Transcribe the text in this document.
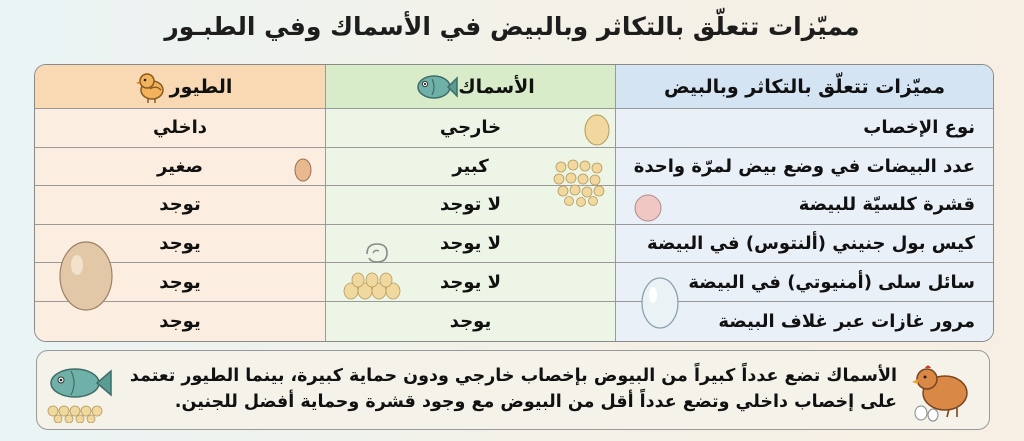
مميّزات تتعلّق بالتكاثر وبالبيض في الأسماك وفي الطبـور
مميّزات تتعلّق بالتكاثر وبالبيض
الأسماك
الطيور
نوع الإخصاب
خارجي
داخلي
عدد البيضات في وضع بيض لمرّة واحدة
كبير
صغير
قشرة كلسيّة للبيضة
لا توجد
توجد
كيس بول جنيني (ألنتوس) في البيضة
لا يوجد
يوجد
سائل سلى (أمنيوتي) في البيضة
لا يوجد
يوجد
مرور غازات عبر غلاف البيضة
يوجد
يوجد
الأسماك تضع عدداً كبيراً من البيوض بإخصاب خارجي ودون حماية كبيرة، بينما الطيور تعتمد
على إخصاب داخلي وتضع عدداً أقل من البيوض مع وجود قشرة وحماية أفضل للجنين.
